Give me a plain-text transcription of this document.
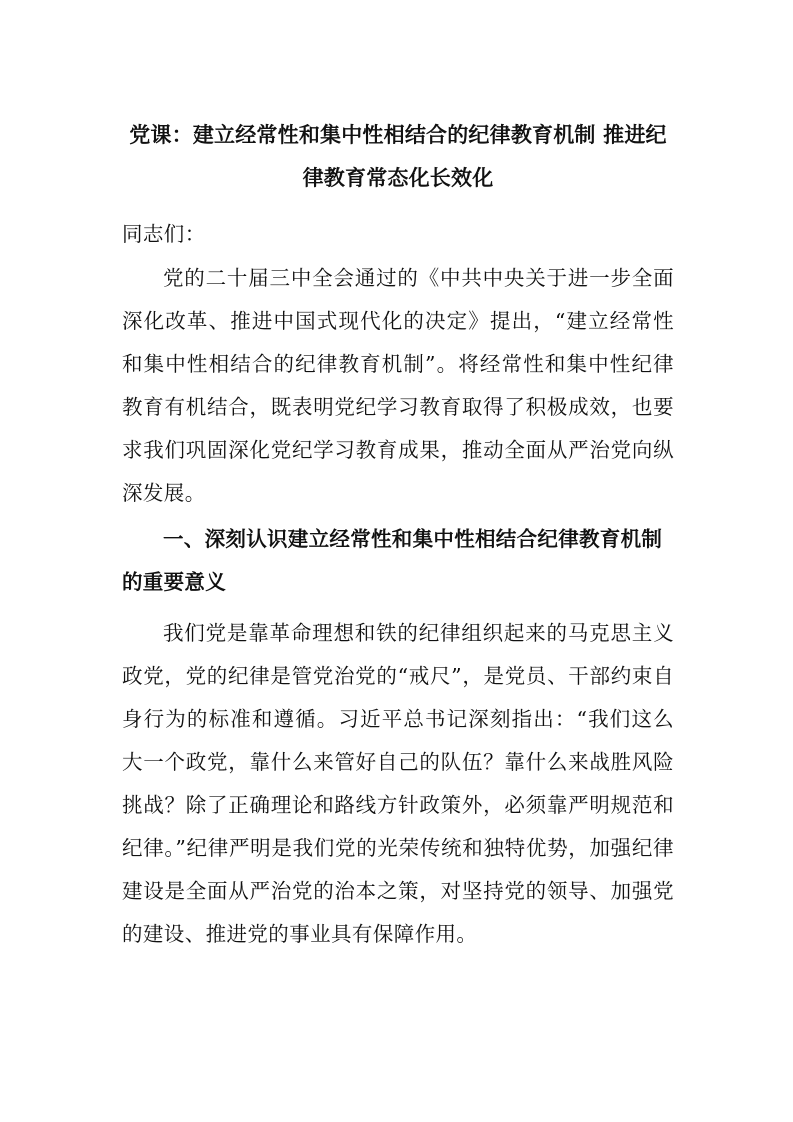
党课：建立经常性和集中性相结合的纪律教育机制 推进纪律教育常态化长效化

同志们：

党的二十届三中全会通过的《中共中央关于进一步全面深化改革、推进中国式现代化的决定》提出，“建立经常性和集中性相结合的纪律教育机制”。将经常性和集中性纪律教育有机结合，既表明党纪学习教育取得了积极成效，也要求我们巩固深化党纪学习教育成果，推动全面从严治党向纵深发展。

一、深刻认识建立经常性和集中性相结合纪律教育机制的重要意义

我们党是靠革命理想和铁的纪律组织起来的马克思主义政党，党的纪律是管党治党的“戒尺”，是党员、干部约束自身行为的标准和遵循。习近平总书记深刻指出：“我们这么大一个政党，靠什么来管好自己的队伍？靠什么来战胜风险挑战？除了正确理论和路线方针政策外，必须靠严明规范和纪律。”纪律严明是我们党的光荣传统和独特优势，加强纪律建设是全面从严治党的治本之策，对坚持党的领导、加强党的建设、推进党的事业具有保障作用。
